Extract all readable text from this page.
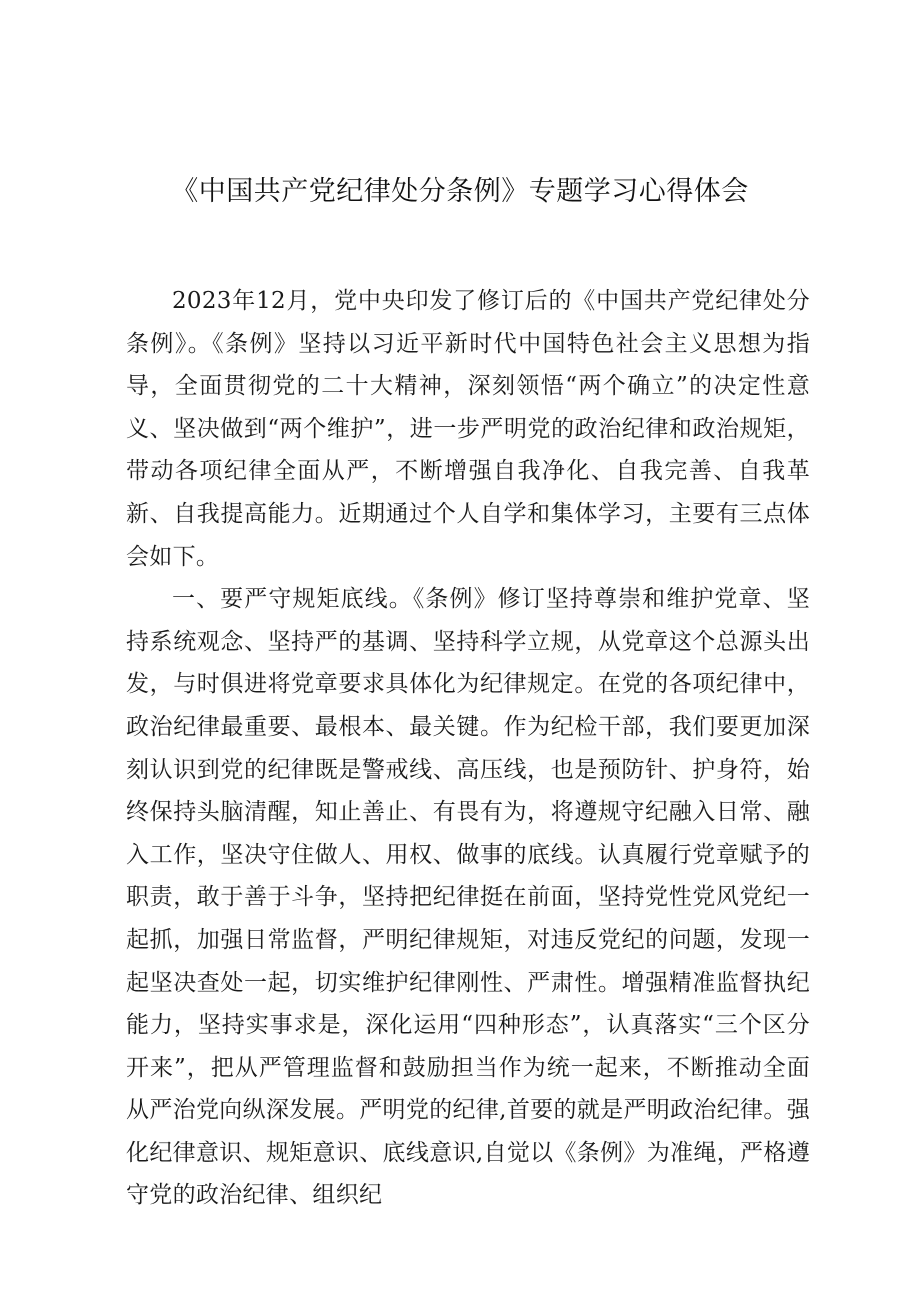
《中国共产党纪律处分条例》专题学习心得体会

2023年12月，党中央印发了修订后的《中国共产党纪律处分条例》。《条例》坚持以习近平新时代中国特色社会主义思想为指导，全面贯彻党的二十大精神，深刻领悟“两个确立”的决定性意义、坚决做到“两个维护”，进一步严明党的政治纪律和政治规矩，带动各项纪律全面从严，不断增强自我净化、自我完善、自我革新、自我提高能力。近期通过个人自学和集体学习，主要有三点体会如下。

一、要严守规矩底线。《条例》修订坚持尊崇和维护党章、坚持系统观念、坚持严的基调、坚持科学立规，从党章这个总源头出发，与时俱进将党章要求具体化为纪律规定。在党的各项纪律中，政治纪律最重要、最根本、最关键。作为纪检干部，我们要更加深刻认识到党的纪律既是警戒线、高压线，也是预防针、护身符，始终保持头脑清醒，知止善止、有畏有为，将遵规守纪融入日常、融入工作，坚决守住做人、用权、做事的底线。认真履行党章赋予的职责，敢于善于斗争，坚持把纪律挺在前面，坚持党性党风党纪一起抓，加强日常监督，严明纪律规矩，对违反党纪的问题，发现一起坚决查处一起，切实维护纪律刚性、严肃性。增强精准监督执纪能力，坚持实事求是，深化运用“四种形态”，认真落实“三个区分开来”，把从严管理监督和鼓励担当作为统一起来，不断推动全面从严治党向纵深发展。严明党的纪律,首要的就是严明政治纪律。强化纪律意识、规矩意识、底线意识,自觉以《条例》为准绳，严格遵守党的政治纪律、组织纪
